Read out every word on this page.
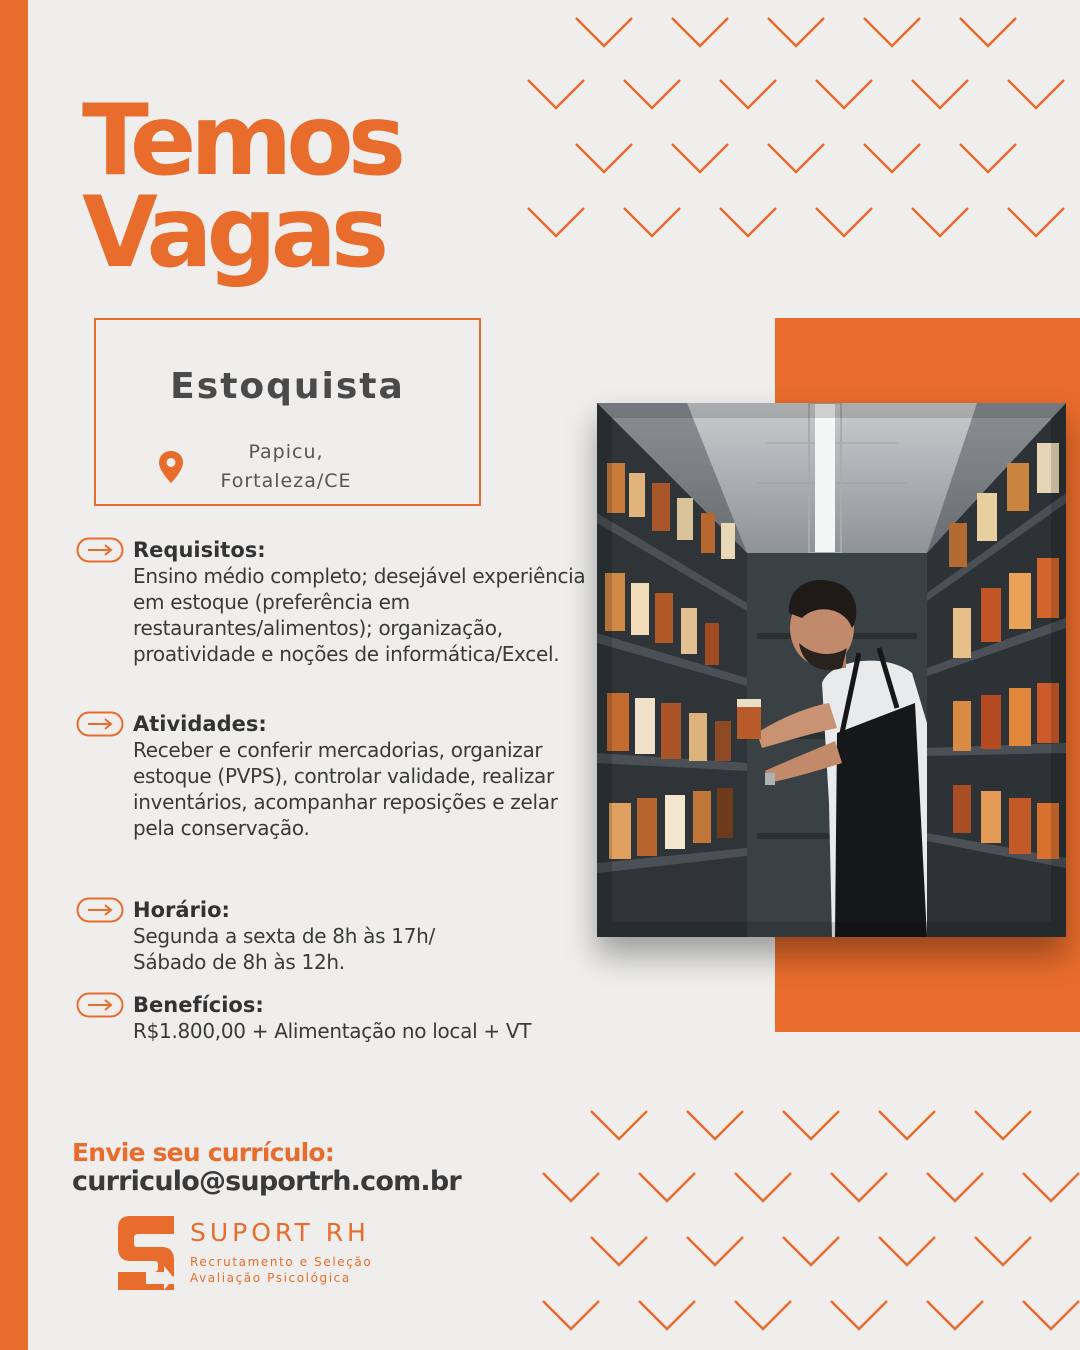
Temos
Vagas
Estoquista
Papicu,
Fortaleza/CE
Requisitos:
Ensino médio completo; desejável experiência em estoque (preferência em restaurantes/alimentos); organização, proatividade e noções de informática/Excel.
Atividades:
Receber e conferir mercadorias, organizar estoque (PVPS), controlar validade, realizar inventários, acompanhar reposições e zelar pela conservação.
Horário:
Segunda a sexta de 8h às 17h/ Sábado de 8h às 12h.
Benefícios:
R$1.800,00 + Alimentação no local + VT
Envie seu currículo:
curriculo@suportrh.com.br
SUPORT RH
Recrutamento e Seleção
Avaliação Psicológica
